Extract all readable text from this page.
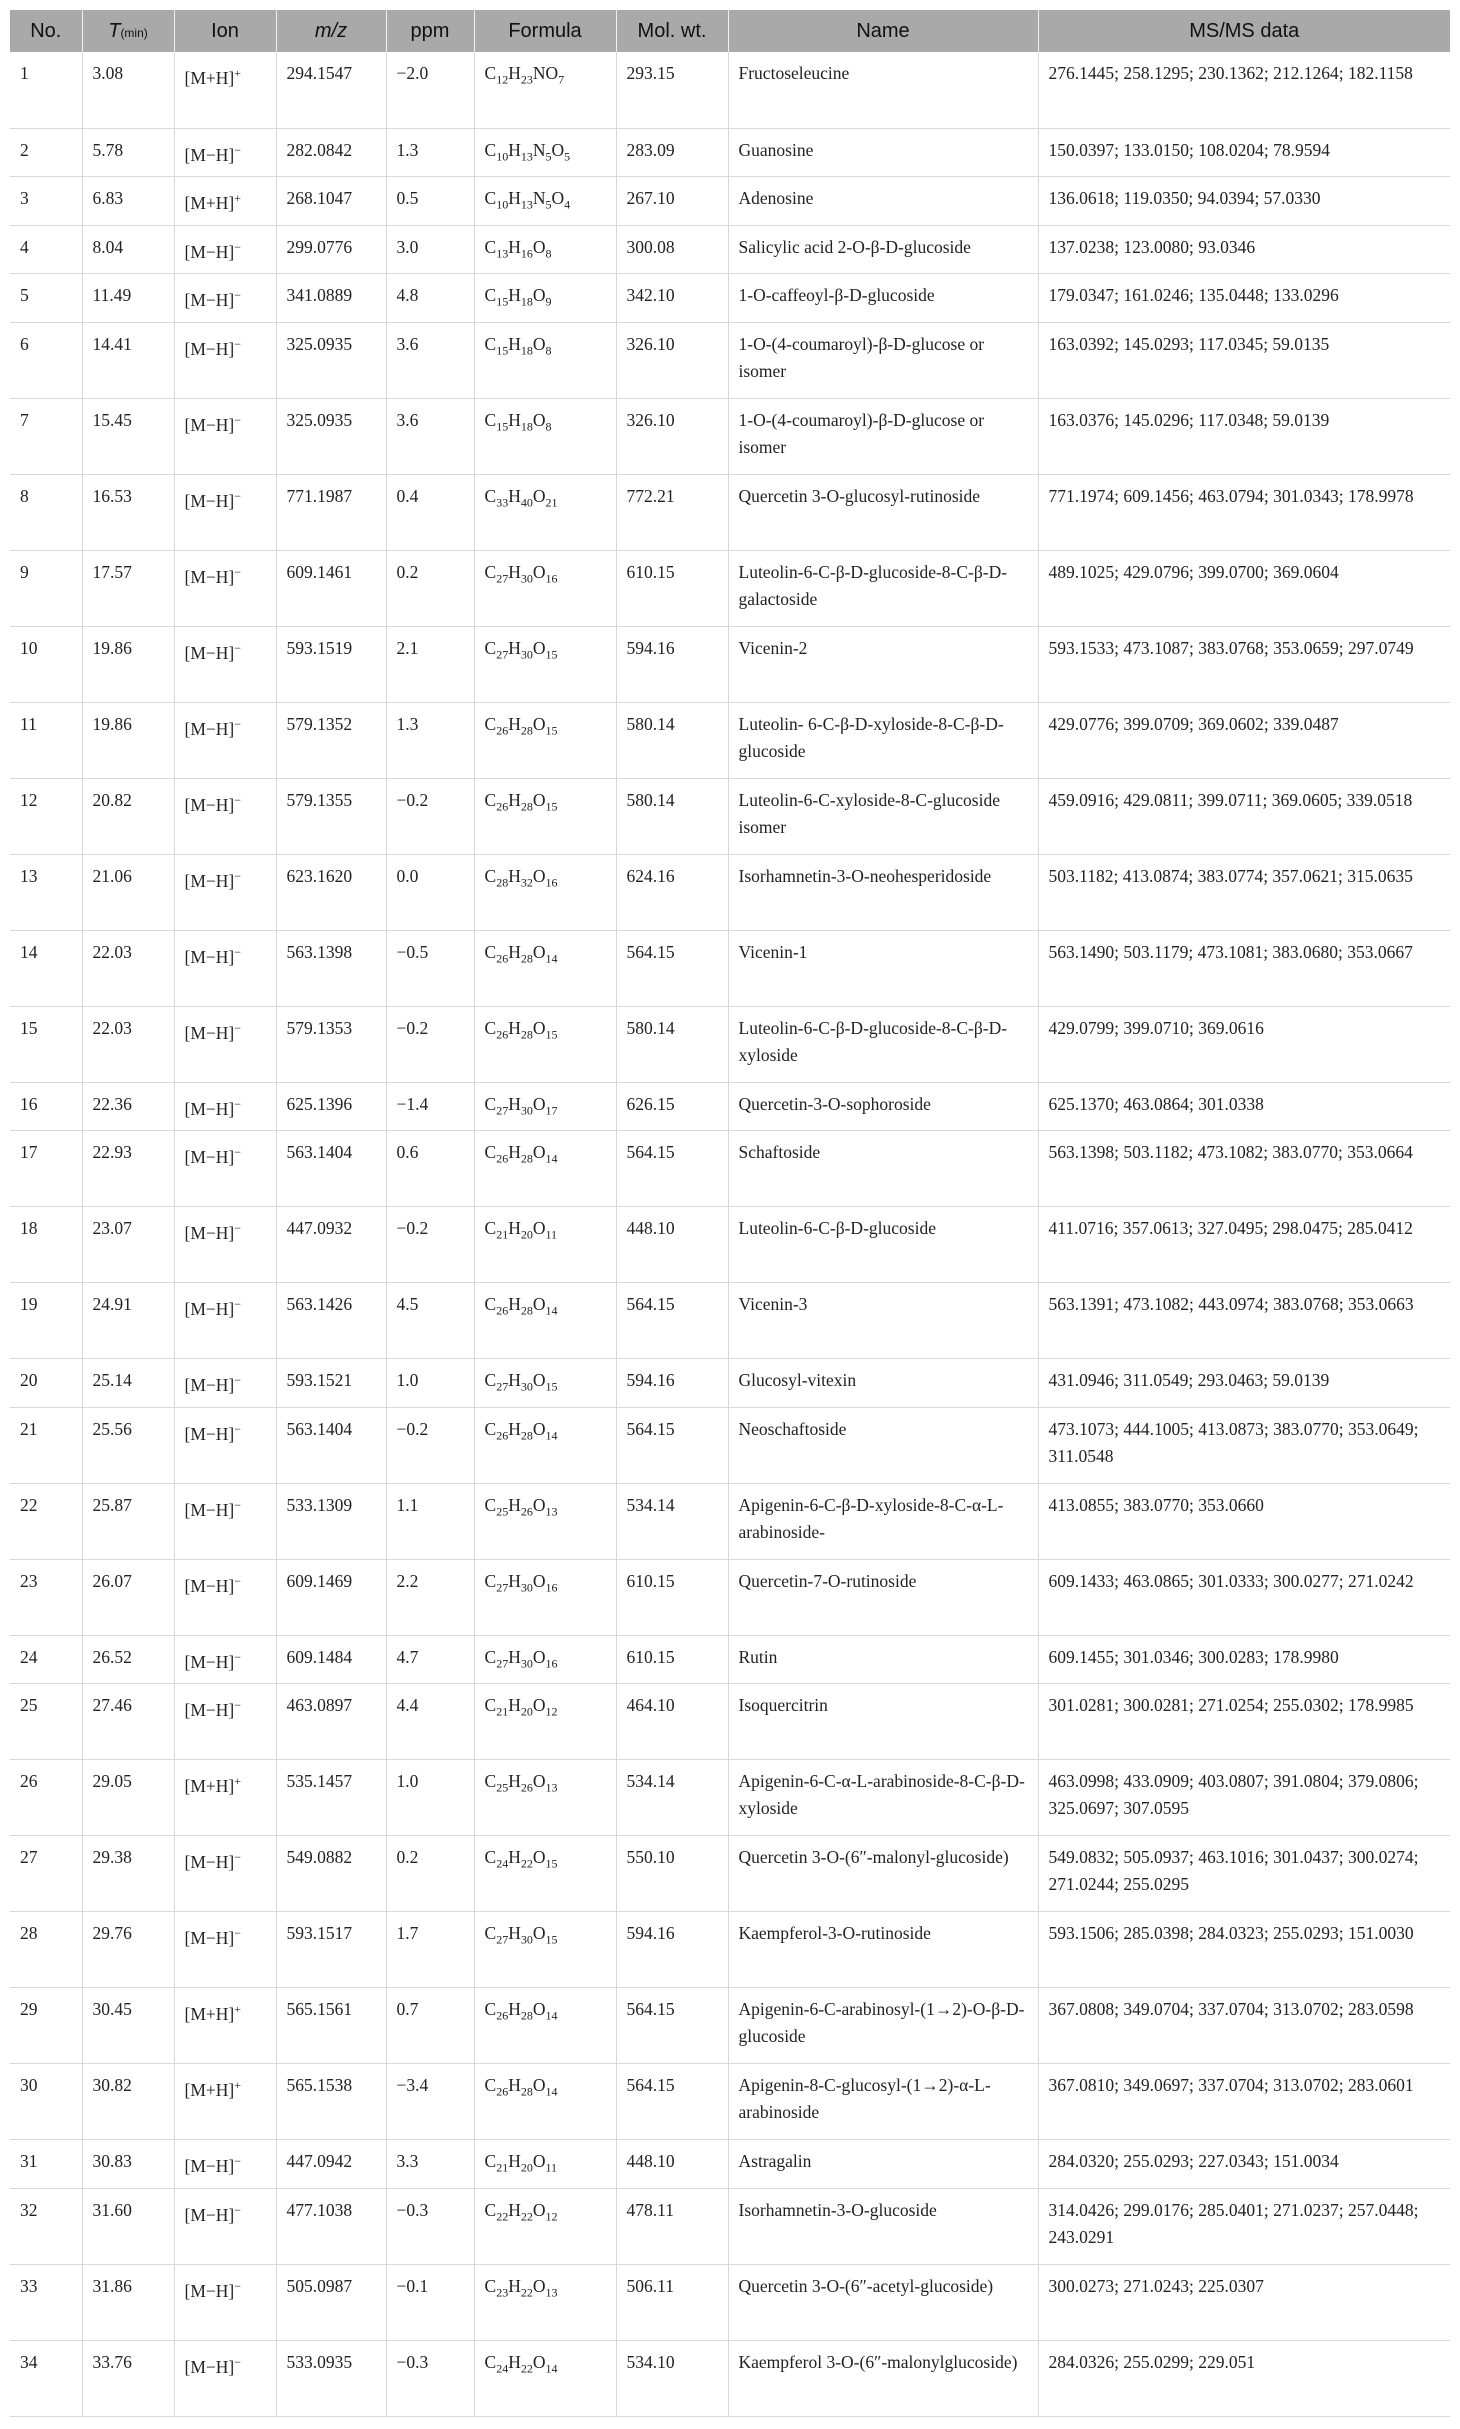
No.	T(min)	Ion	m/z	ppm	Formula	Mol. wt.	Name	MS/MS data
1	3.08	[M+H]+	294.1547	−2.0	$C_{12}H_{23}NO_7$	293.15	Fructoseleucine	276.1445; 258.1295; 230.1362; 212.1264; 182.1158
2	5.78	[M−H]−	282.0842	1.3	$C_{10}H_{13}N_5O_5$	283.09	Guanosine	150.0397; 133.0150; 108.0204; 78.9594
3	6.83	[M+H]+	268.1047	0.5	$C_{10}H_{13}N_5O_4$	267.10	Adenosine	136.0618; 119.0350; 94.0394; 57.0330
4	8.04	[M−H]−	299.0776	3.0	$C_{13}H_{16}O_8$	300.08	Salicylic acid 2-O-β-D-glucoside	137.0238; 123.0080; 93.0346
5	11.49	[M−H]−	341.0889	4.8	$C_{15}H_{18}O_9$	342.10	1-O-caffeoyl-β-D-glucoside	179.0347; 161.0246; 135.0448; 133.0296
6	14.41	[M−H]−	325.0935	3.6	$C_{15}H_{18}O_8$	326.10	1-O-(4-coumaroyl)-β-D-glucose or isomer	163.0392; 145.0293; 117.0345; 59.0135
7	15.45	[M−H]−	325.0935	3.6	$C_{15}H_{18}O_8$	326.10	1-O-(4-coumaroyl)-β-D-glucose or isomer	163.0376; 145.0296; 117.0348; 59.0139
8	16.53	[M−H]−	771.1987	0.4	$C_{33}H_{40}O_{21}$	772.21	Quercetin 3-O-glucosyl-rutinoside	771.1974; 609.1456; 463.0794; 301.0343; 178.9978
9	17.57	[M−H]−	609.1461	0.2	$C_{27}H_{30}O_{16}$	610.15	Luteolin-6-C-β-D-glucoside-8-C-β-D-galactoside	489.1025; 429.0796; 399.0700; 369.0604
10	19.86	[M−H]−	593.1519	2.1	$C_{27}H_{30}O_{15}$	594.16	Vicenin-2	593.1533; 473.1087; 383.0768; 353.0659; 297.0749
11	19.86	[M−H]−	579.1352	1.3	$C_{26}H_{28}O_{15}$	580.14	Luteolin- 6-C-β-D-xyloside-8-C-β-D-glucoside	429.0776; 399.0709; 369.0602; 339.0487
12	20.82	[M−H]−	579.1355	−0.2	$C_{26}H_{28}O_{15}$	580.14	Luteolin-6-C-xyloside-8-C-glucoside isomer	459.0916; 429.0811; 399.0711; 369.0605; 339.0518
13	21.06	[M−H]−	623.1620	0.0	$C_{28}H_{32}O_{16}$	624.16	Isorhamnetin-3-O-neohesperidoside	503.1182; 413.0874; 383.0774; 357.0621; 315.0635
14	22.03	[M−H]−	563.1398	−0.5	$C_{26}H_{28}O_{14}$	564.15	Vicenin-1	563.1490; 503.1179; 473.1081; 383.0680; 353.0667
15	22.03	[M−H]−	579.1353	−0.2	$C_{26}H_{28}O_{15}$	580.14	Luteolin-6-C-β-D-glucoside-8-C-β-D-xyloside	429.0799; 399.0710; 369.0616
16	22.36	[M−H]−	625.1396	−1.4	$C_{27}H_{30}O_{17}$	626.15	Quercetin-3-O-sophoroside	625.1370; 463.0864; 301.0338
17	22.93	[M−H]−	563.1404	0.6	$C_{26}H_{28}O_{14}$	564.15	Schaftoside	563.1398; 503.1182; 473.1082; 383.0770; 353.0664
18	23.07	[M−H]−	447.0932	−0.2	$C_{21}H_{20}O_{11}$	448.10	Luteolin-6-C-β-D-glucoside	411.0716; 357.0613; 327.0495; 298.0475; 285.0412
19	24.91	[M−H]−	563.1426	4.5	$C_{26}H_{28}O_{14}$	564.15	Vicenin-3	563.1391; 473.1082; 443.0974; 383.0768; 353.0663
20	25.14	[M−H]−	593.1521	1.0	$C_{27}H_{30}O_{15}$	594.16	Glucosyl-vitexin	431.0946; 311.0549; 293.0463; 59.0139
21	25.56	[M−H]−	563.1404	−0.2	$C_{26}H_{28}O_{14}$	564.15	Neoschaftoside	473.1073; 444.1005; 413.0873; 383.0770; 353.0649; 311.0548
22	25.87	[M−H]−	533.1309	1.1	$C_{25}H_{26}O_{13}$	534.14	Apigenin-6-C-β-D-xyloside-8-C-α-L-arabinoside-	413.0855; 383.0770; 353.0660
23	26.07	[M−H]−	609.1469	2.2	$C_{27}H_{30}O_{16}$	610.15	Quercetin-7-O-rutinoside	609.1433; 463.0865; 301.0333; 300.0277; 271.0242
24	26.52	[M−H]−	609.1484	4.7	$C_{27}H_{30}O_{16}$	610.15	Rutin	609.1455; 301.0346; 300.0283; 178.9980
25	27.46	[M−H]−	463.0897	4.4	$C_{21}H_{20}O_{12}$	464.10	Isoquercitrin	301.0281; 300.0281; 271.0254; 255.0302; 178.9985
26	29.05	[M+H]+	535.1457	1.0	$C_{25}H_{26}O_{13}$	534.14	Apigenin-6-C-α-L-arabinoside-8-C-β-D-xyloside	463.0998; 433.0909; 403.0807; 391.0804; 379.0806; 325.0697; 307.0595
27	29.38	[M−H]−	549.0882	0.2	$C_{24}H_{22}O_{15}$	550.10	Quercetin 3-O-(6″-malonyl-glucoside)	549.0832; 505.0937; 463.1016; 301.0437; 300.0274; 271.0244; 255.0295
28	29.76	[M−H]−	593.1517	1.7	$C_{27}H_{30}O_{15}$	594.16	Kaempferol-3-O-rutinoside	593.1506; 285.0398; 284.0323; 255.0293; 151.0030
29	30.45	[M+H]+	565.1561	0.7	$C_{26}H_{28}O_{14}$	564.15	Apigenin-6-C-arabinosyl-(1→2)-O-β-D-glucoside	367.0808; 349.0704; 337.0704; 313.0702; 283.0598
30	30.82	[M+H]+	565.1538	−3.4	$C_{26}H_{28}O_{14}$	564.15	Apigenin-8-C-glucosyl-(1→2)-α-L-arabinoside	367.0810; 349.0697; 337.0704; 313.0702; 283.0601
31	30.83	[M−H]−	447.0942	3.3	$C_{21}H_{20}O_{11}$	448.10	Astragalin	284.0320; 255.0293; 227.0343; 151.0034
32	31.60	[M−H]−	477.1038	−0.3	$C_{22}H_{22}O_{12}$	478.11	Isorhamnetin-3-O-glucoside	314.0426; 299.0176; 285.0401; 271.0237; 257.0448; 243.0291
33	31.86	[M−H]−	505.0987	−0.1	$C_{23}H_{22}O_{13}$	506.11	Quercetin 3-O-(6″-acetyl-glucoside)	300.0273; 271.0243; 225.0307
34	33.76	[M−H]−	533.0935	−0.3	$C_{24}H_{22}O_{14}$	534.10	Kaempferol 3-O-(6″-malonylglucoside)	284.0326; 255.0299; 229.051
